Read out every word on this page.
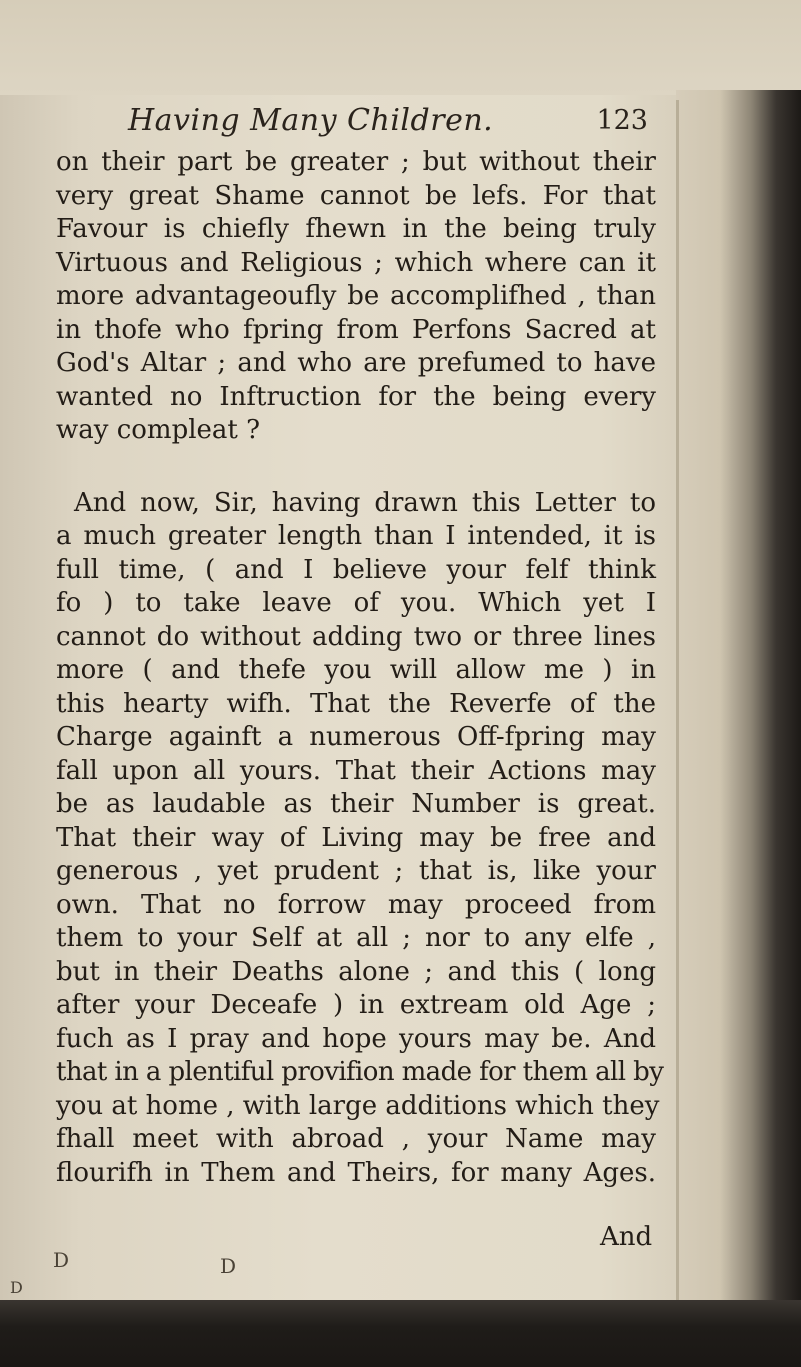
Having Many Children.	123
on their part be greater ; but without their
very great Shame cannot be lefs. For that
Favour is chiefly fhewn in the being truly
Virtuous and Religious ; which where can it
more advantageoufly be accomplifhed , than
in thofe who fpring from Perfons Sacred at
God's Altar ; and who are prefumed to have
wanted no Inftruction for the being every
way compleat ?
And now, Sir, having drawn this Letter to
a much greater length than I intended, it is
full time, ( and I believe your felf think
fo ) to take leave of you. Which yet I
cannot do without adding two or three lines
more ( and thefe you will allow me ) in
this hearty wifh. That the Reverfe of the
Charge againft a numerous Off-fpring may
fall upon all yours. That their Actions may
be as laudable as their Number is great.
That their way of Living may be free and
generous , yet prudent ; that is, like your
own. That no forrow may proceed from
them to your Self at all ; nor to any elfe ,
but in their Deaths alone ; and this ( long
after your Deceafe ) in extream old Age ;
fuch as I pray and hope yours may be. And
that in a plentiful provifion made for them all by
you at home , with large additions which they
fhall meet with abroad , your Name may
flourifh in Them and Theirs, for many Ages.
And
D	D
D
